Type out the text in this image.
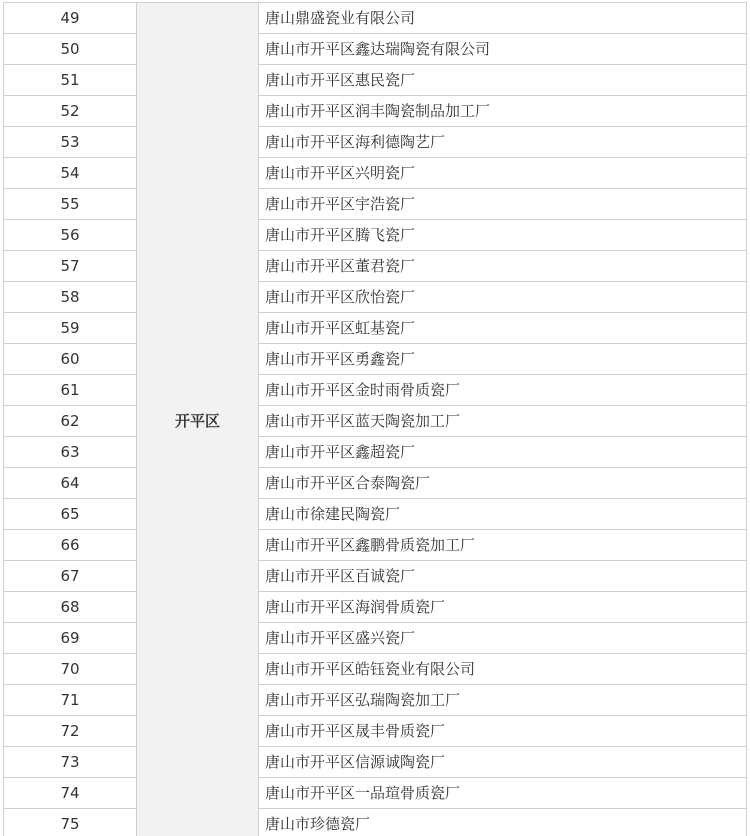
49	开平区	唐山鼎盛瓷业有限公司
50		唐山市开平区鑫达瑞陶瓷有限公司
51		唐山市开平区惠民瓷厂
52		唐山市开平区润丰陶瓷制品加工厂
53		唐山市开平区海利德陶艺厂
54		唐山市开平区兴明瓷厂
55		唐山市开平区宇浩瓷厂
56		唐山市开平区腾飞瓷厂
57		唐山市开平区董君瓷厂
58		唐山市开平区欣怡瓷厂
59		唐山市开平区虹基瓷厂
60		唐山市开平区勇鑫瓷厂
61		唐山市开平区金时雨骨质瓷厂
62		唐山市开平区蓝天陶瓷加工厂
63		唐山市开平区鑫超瓷厂
64		唐山市开平区合泰陶瓷厂
65		唐山市徐建民陶瓷厂
66		唐山市开平区鑫鹏骨质瓷加工厂
67		唐山市开平区百诚瓷厂
68		唐山市开平区海润骨质瓷厂
69		唐山市开平区盛兴瓷厂
70		唐山市开平区皓钰瓷业有限公司
71		唐山市开平区弘瑞陶瓷加工厂
72		唐山市开平区晟丰骨质瓷厂
73		唐山市开平区信源诚陶瓷厂
74		唐山市开平区一品瑄骨质瓷厂
75		唐山市珍德瓷厂
